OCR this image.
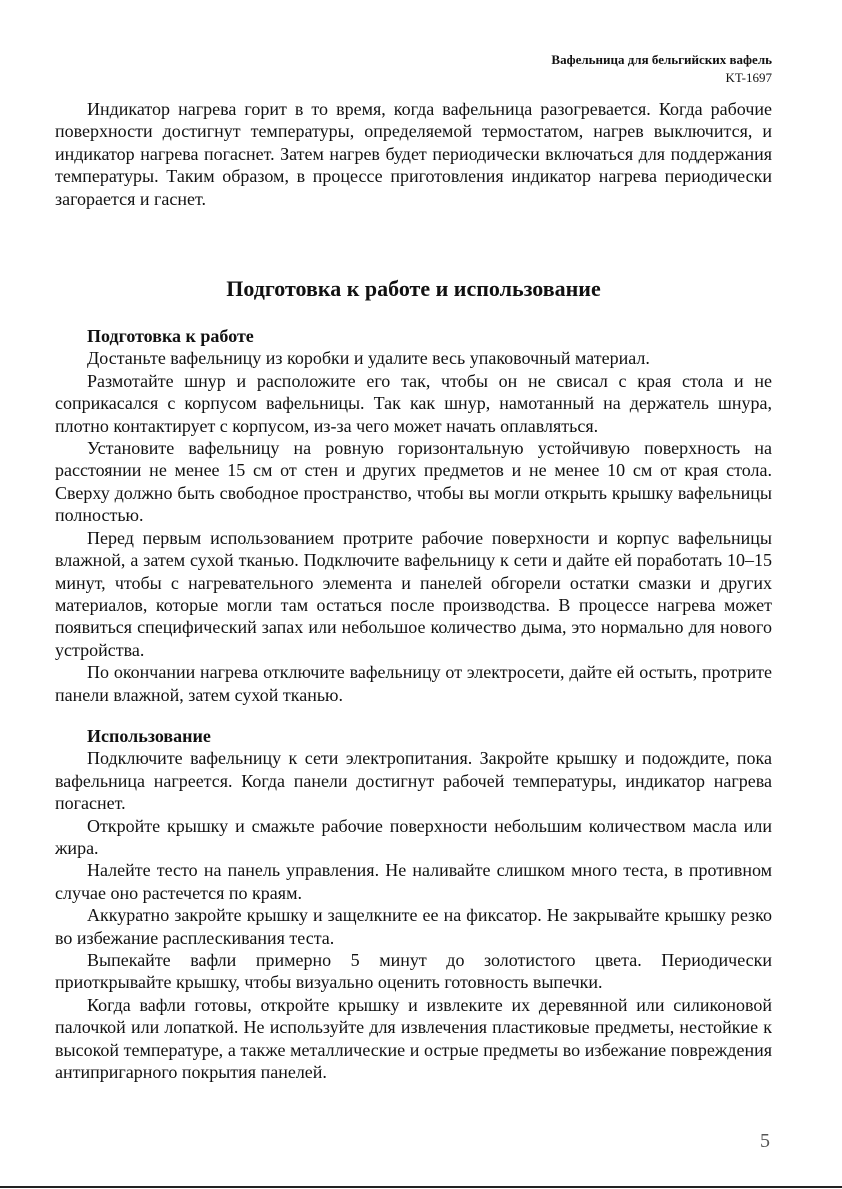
Вафельница для бельгийских вафель
KT-1697

Индикатор нагрева горит в то время, когда вафельница разогревается. Когда рабочие поверхности достигнут температуры, определяемой термостатом, нагрев выключится, и индикатор нагрева погаснет. Затем нагрев будет периодически включаться для поддержания температуры. Таким образом, в процессе приготовления индикатор нагрева периодически загорается и гаснет.

Подготовка к работе и использование
Подготовка к работе

Достаньте вафельницу из коробки и удалите весь упаковочный материал.

Размотайте шнур и расположите его так, чтобы он не свисал с края стола и не соприкасался с корпусом вафельницы. Так как шнур, намотанный на держатель шнура, плотно контактирует с корпусом, из-за чего может начать оплавляться.

Установите вафельницу на ровную горизонтальную устойчивую поверхность на расстоянии не менее 15 см от стен и других предметов и не менее 10 см от края стола. Сверху должно быть свободное пространство, чтобы вы могли открыть крышку вафельницы полностью.

Перед первым использованием протрите рабочие поверхности и корпус вафельницы влажной, а затем сухой тканью. Подключите вафельницу к сети и дайте ей поработать 10–15 минут, чтобы с нагревательного элемента и панелей обгорели остатки смазки и других материалов, которые могли там остаться после производства. В процессе нагрева может появиться специфический запах или небольшое количество дыма, это нормально для нового устройства.

По окончании нагрева отключите вафельницу от электросети, дайте ей остыть, протрите панели влажной, затем сухой тканью.

Использование

Подключите вафельницу к сети электропитания. Закройте крышку и подождите, пока вафельница нагреется. Когда панели достигнут рабочей температуры, индикатор нагрева погаснет.

Откройте крышку и смажьте рабочие поверхности небольшим количеством масла или жира.

Налейте тесто на панель управления. Не наливайте слишком много теста, в противном случае оно растечется по краям.

Аккуратно закройте крышку и защелкните ее на фиксатор. Не закрывайте крышку резко во избежание расплескивания теста.

Выпекайте вафли примерно 5 минут до золотистого цвета. Периодически приоткрывайте крышку, чтобы визуально оценить готовность выпечки.

Когда вафли готовы, откройте крышку и извлеките их деревянной или силиконовой палочкой или лопаткой. Не используйте для извлечения пластиковые предметы, нестойкие к высокой температуре, а также металлические и острые предметы во избежание повреждения антипригарного покрытия панелей.

5
